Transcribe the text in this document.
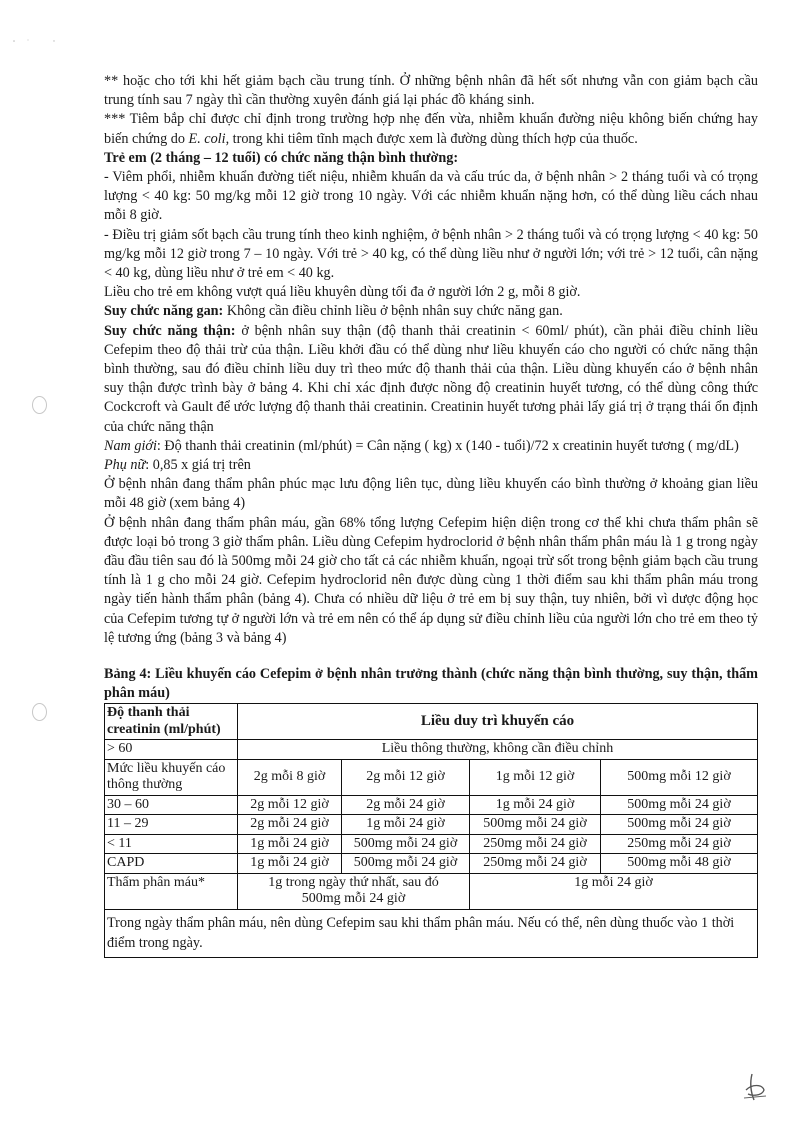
** hoặc cho tới khi hết giảm bạch cầu trung tính. Ở những bệnh nhân đã hết sốt nhưng vẫn con giảm bạch cầu trung tính sau 7 ngày thì cần thường xuyên đánh giá lại phác đồ kháng sinh.

*** Tiêm bắp chỉ được chỉ định trong trường hợp nhẹ đến vừa, nhiễm khuẩn đường niệu không biến chứng hay biến chứng do E. coli, trong khi tiêm tĩnh mạch được xem là đường dùng thích hợp của thuốc.

Trẻ em (2 tháng – 12 tuổi) có chức năng thận bình thường:

- Viêm phổi, nhiễm khuẩn đường tiết niệu, nhiễm khuẩn da và cấu trúc da, ở bệnh nhân > 2 tháng tuổi và có trọng lượng < 40 kg: 50 mg/kg mỗi 12 giờ trong 10 ngày. Với các nhiễm khuẩn nặng hơn, có thể dùng liều cách nhau mỗi 8 giờ.

- Điều trị giảm sốt bạch cầu trung tính theo kinh nghiệm, ở bệnh nhân > 2 tháng tuổi và có trọng lượng < 40 kg: 50 mg/kg mỗi 12 giờ trong 7 – 10 ngày. Với trẻ > 40 kg, có thể dùng liều như ở người lớn; với trẻ > 12 tuổi, cân nặng < 40 kg, dùng liều như ở trẻ em < 40 kg.

Liều cho trẻ em không vượt quá liều khuyên dùng tối đa ở người lớn 2 g, mỗi 8 giờ.

Suy chức năng gan: Không cần điều chỉnh liều ở bệnh nhân suy chức năng gan.

Suy chức năng thận: ở bệnh nhân suy thận (độ thanh thải creatinin < 60ml/ phút), cần phải điều chỉnh liều Cefepim theo độ thải trừ của thận. Liều khởi đầu có thể dùng như liều khuyến cáo cho người có chức năng thận bình thường, sau đó điều chỉnh liều duy trì theo mức độ thanh thải của thận. Liều dùng khuyến cáo ở bệnh nhân suy thận được trình bày ở bảng 4. Khi chỉ xác định được nồng độ creatinin huyết tương, có thể dùng công thức Cockcroft và Gault để ước lượng độ thanh thải creatinin. Creatinin huyết tương phải lấy giá trị ở trạng thái ổn định của chức năng thận

Nam giới: Độ thanh thải creatinin (ml/phút) = Cân nặng ( kg) x (140 - tuổi)/72 x creatinin huyết tương ( mg/dL)

Phụ nữ: 0,85 x giá trị trên

Ở bệnh nhân đang thẩm phân phúc mạc lưu động liên tục, dùng liều khuyến cáo bình thường ở khoảng gian liều mỗi 48 giờ (xem bảng 4)

Ở bệnh nhân đang thẩm phân máu, gần 68% tổng lượng Cefepim hiện diện trong cơ thể khi chưa thẩm phân sẽ được loại bỏ trong 3 giờ thẩm phân. Liều dùng Cefepim hydroclorid ở bệnh nhân thẩm phân máu là 1 g trong ngày đầu đầu tiên sau đó là 500mg mỗi 24 giờ cho tất cả các nhiễm khuẩn, ngoại trừ sốt trong bệnh giảm bạch cầu trung tính là 1 g cho mỗi 24 giờ. Cefepim hydroclorid nên được dùng cùng 1 thời điểm sau khi thẩm phân máu trong ngày tiến hành thẩm phân (bảng 4). Chưa có nhiều dữ liệu ở trẻ em bị suy thận, tuy nhiên, bởi vì dược động học của Cefepim tương tự ở người lớn và trẻ em nên có thể áp dụng sử điều chỉnh liều của người lớn cho trẻ em theo tỷ lệ tương ứng (bảng 3 và bảng 4)

Bảng 4: Liều khuyến cáo Cefepim ở bệnh nhân trưởng thành (chức năng thận bình thường, suy thận, thẩm phân máu)

Độ thanh thải creatinin (ml/phút)	Liều duy trì khuyến cáo			
> 60	Liều thông thường, không cần điều chỉnh			
Mức liều khuyến cáo thông thường	2g mỗi 8 giờ	2g mỗi 12 giờ	1g mỗi 12 giờ	500mg mỗi 12 giờ
30 – 60	2g mỗi 12 giờ	2g mỗi 24 giờ	1g mỗi 24 giờ	500mg mỗi 24 giờ
11 – 29	2g mỗi 24 giờ	1g mỗi 24 giờ	500mg mỗi 24 giờ	500mg mỗi 24 giờ
< 11	1g mỗi 24 giờ	500mg mỗi 24 giờ	250mg mỗi 24 giờ	250mg mỗi 24 giờ
CAPD	1g mỗi 24 giờ	500mg mỗi 24 giờ	250mg mỗi 24 giờ	500mg mỗi 48 giờ
Thẩm phân máu*	1g trong ngày thứ nhất, sau đó 500mg mỗi 24 giờ		1g mỗi 24 giờ	
Trong ngày thẩm phân máu, nên dùng Cefepim sau khi thẩm phân máu. Nếu có thể, nên dùng thuốc vào 1 thời điểm trong ngày.				
